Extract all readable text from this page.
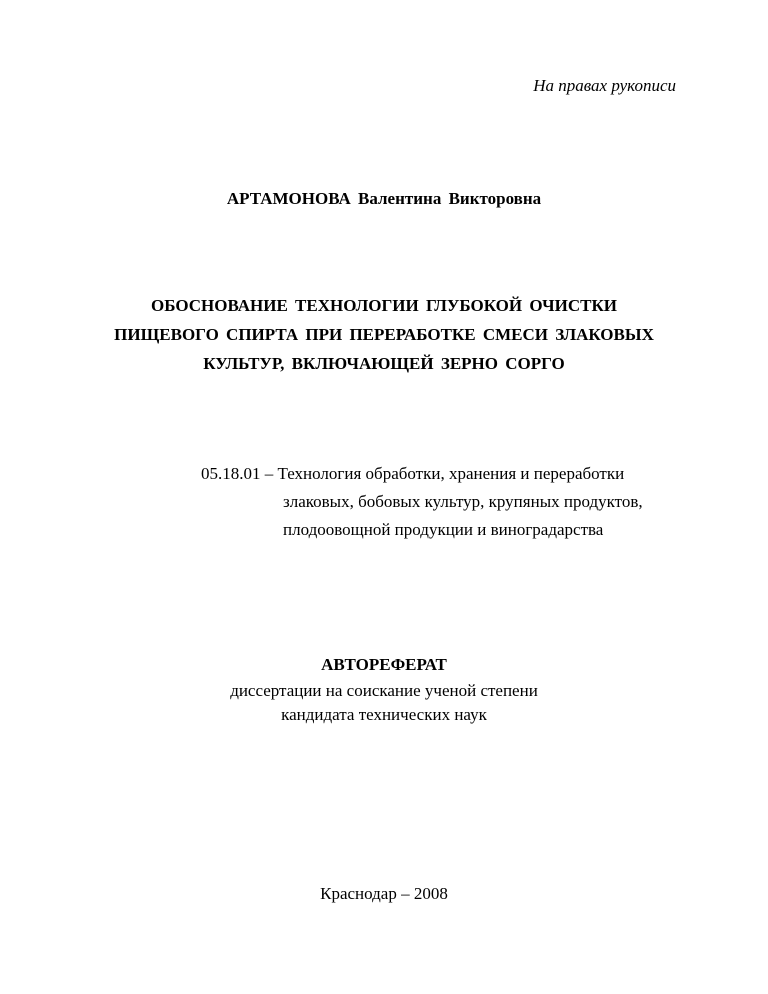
На правах рукописи
АРТАМОНОВА Валентина Викторовна
ОБОСНОВАНИЕ ТЕХНОЛОГИИ ГЛУБОКОЙ ОЧИСТКИ
ПИЩЕВОГО СПИРТА ПРИ ПЕРЕРАБОТКЕ СМЕСИ ЗЛАКОВЫХ
КУЛЬТУР, ВКЛЮЧАЮЩЕЙ ЗЕРНО СОРГО
05.18.01 – Технология обработки, хранения и переработки
злаковых, бобовых культур, крупяных продуктов,
плодоовощной продукции и виноградарства
АВТОРЕФЕРАТ
диссертации на соискание ученой степени
кандидата технических наук
Краснодар – 2008
